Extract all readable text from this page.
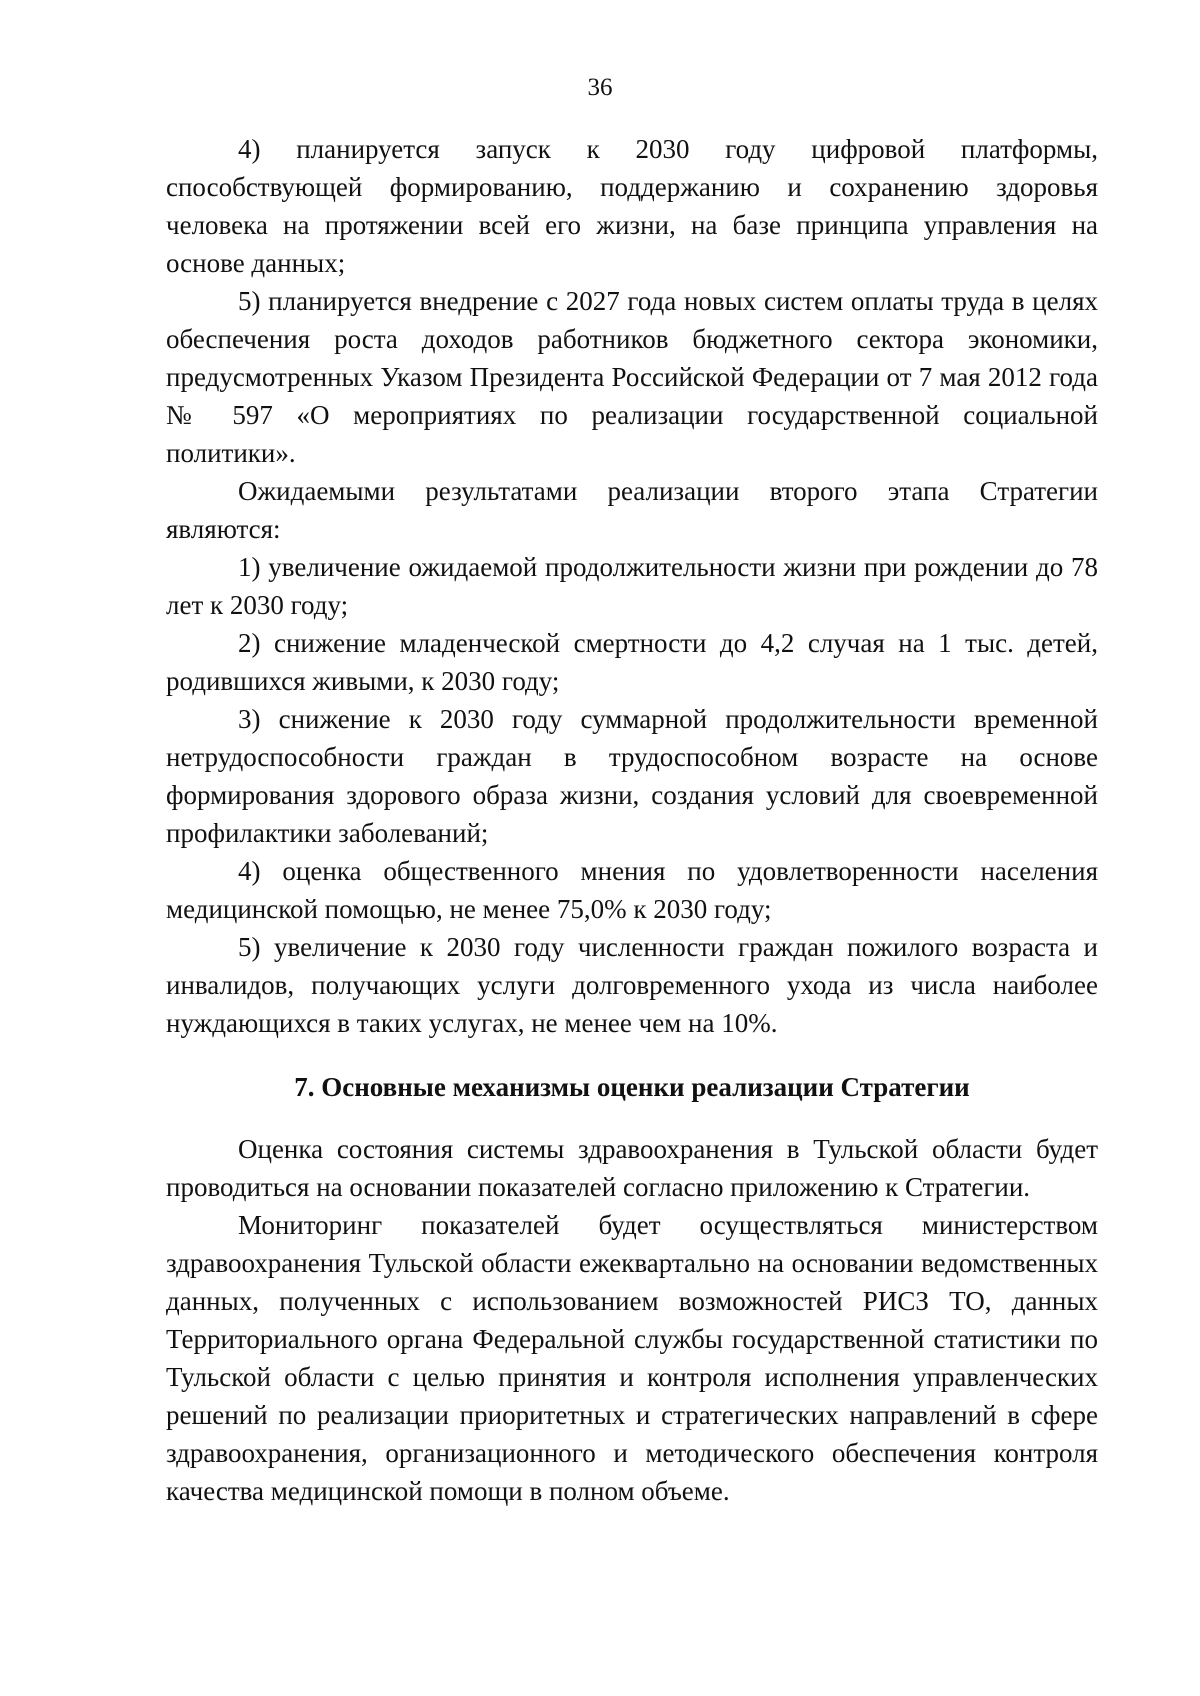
36

4) планируется запуск к 2030 году цифровой платформы, способствующей формированию, поддержанию и сохранению здоровья человека на протяжении всей его жизни, на базе принципа управления на основе данных;

5) планируется внедрение с 2027 года новых систем оплаты труда в целях обеспечения роста доходов работников бюджетного сектора экономики, предусмотренных Указом Президента Российской Федерации от 7 мая 2012 года № 597 «О мероприятиях по реализации государственной социальной политики».

Ожидаемыми результатами реализации второго этапа Стратегии являются:

1) увеличение ожидаемой продолжительности жизни при рождении до 78 лет к 2030 году;

2) снижение младенческой смертности до 4,2 случая на 1 тыс. детей, родившихся живыми, к 2030 году;

3) снижение к 2030 году суммарной продолжительности временной нетрудоспособности граждан в трудоспособном возрасте на основе формирования здорового образа жизни, создания условий для своевременной профилактики заболеваний;

4) оценка общественного мнения по удовлетворенности населения медицинской помощью, не менее 75,0% к 2030 году;

5) увеличение к 2030 году численности граждан пожилого возраста и инвалидов, получающих услуги долговременного ухода из числа наиболее нуждающихся в таких услугах, не менее чем на 10%.

7. Основные механизмы оценки реализации Стратегии

Оценка состояния системы здравоохранения в Тульской области будет проводиться на основании показателей согласно приложению к Стратегии.

Мониторинг показателей будет осуществляться министерством здравоохранения Тульской области ежеквартально на основании ведомственных данных, полученных с использованием возможностей РИСЗ ТО, данных Территориального органа Федеральной службы государственной статистики по Тульской области с целью принятия и контроля исполнения управленческих решений по реализации приоритетных и стратегических направлений в сфере здравоохранения, организационного и методического обеспечения контроля качества медицинской помощи в полном объеме.
